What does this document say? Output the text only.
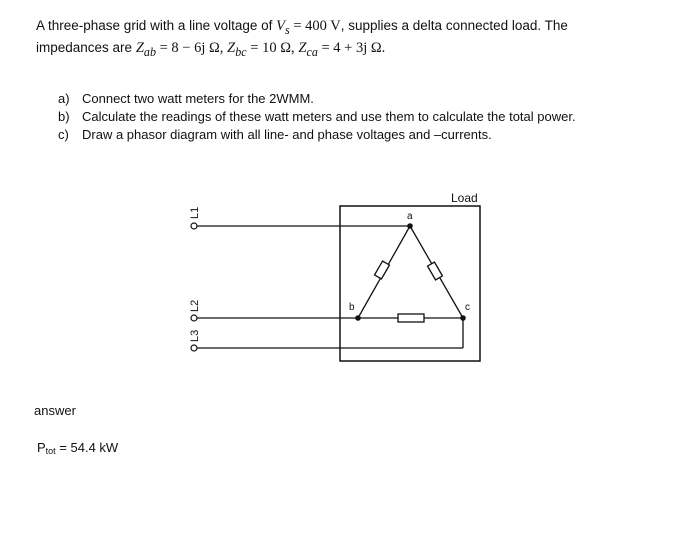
A three-phase grid with a line voltage of $V_s = 400$ V, supplies a delta connected load. The
impedances are $Z_{ab} = 8 - 6j$ Ω, $Z_{bc} = 10$ Ω, $Z_{ca} = 4 + 3j$ Ω.
a) Connect two watt meters for the 2WMM.
b) Calculate the readings of these watt meters and use them to calculate the total power.
c)	Draw a phasor diagram with all line- and phase voltages and –currents.
Load
L1
L2
L3
a
b	c
answer
$P_{tot} = 54.4$ kW
